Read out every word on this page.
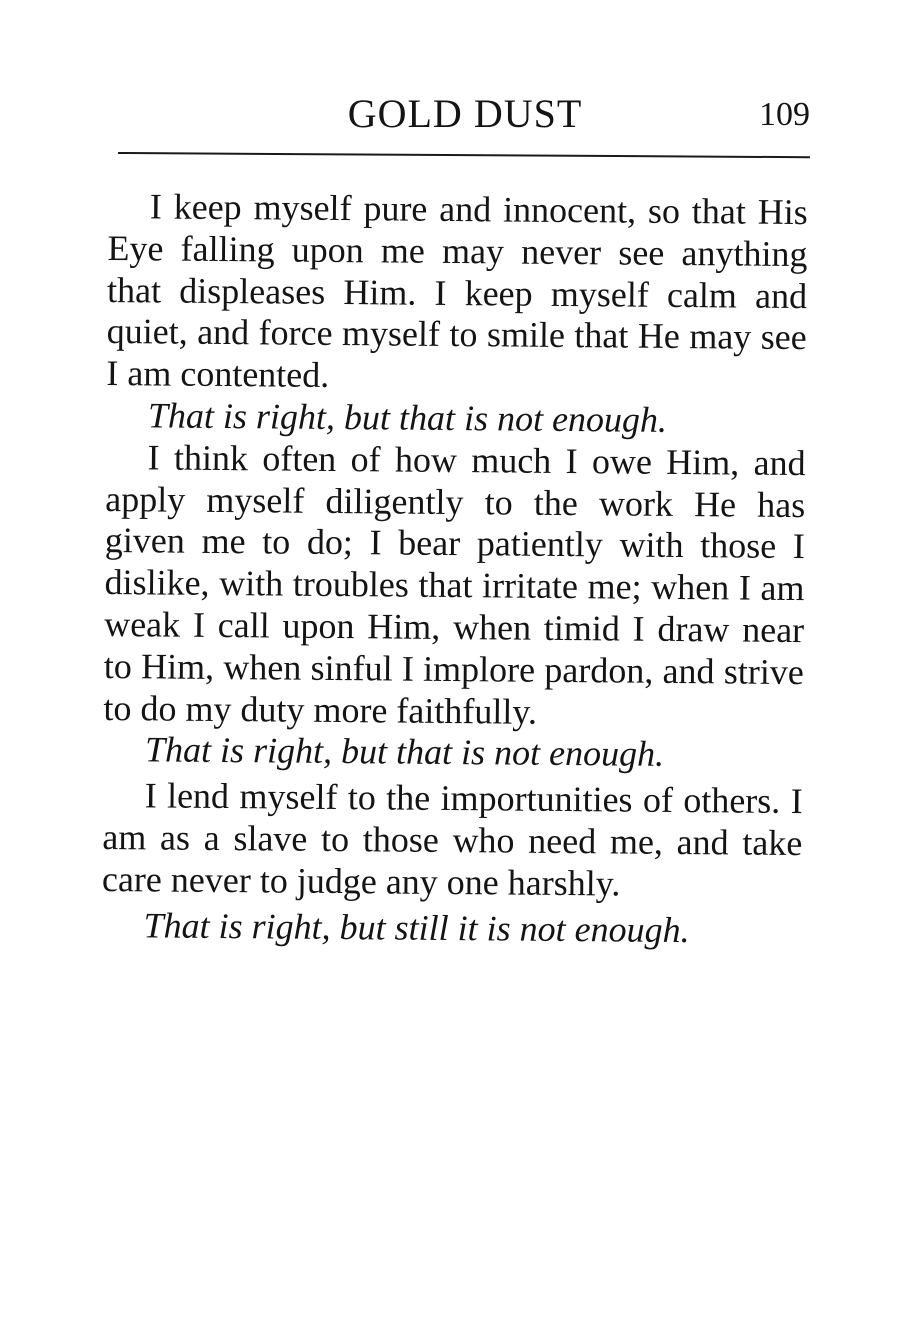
GOLD DUST	109

I keep myself pure and innocent, so that His Eye falling upon me may never see anything that displeases Him. I keep myself calm and quiet, and force myself to smile that He may see I am contented.

That is right, but that is not enough.

I think often of how much I owe Him, and apply myself diligently to the work He has given me to do; I bear patiently with those I dislike, with troubles that irritate me; when I am weak I call upon Him, when timid I draw near to Him, when sinful I implore pardon, and strive to do my duty more faithfully.

That is right, but that is not enough.

I lend myself to the importunities of others. I am as a slave to those who need me, and take care never to judge any one harshly.

That is right, but still it is not enough.
